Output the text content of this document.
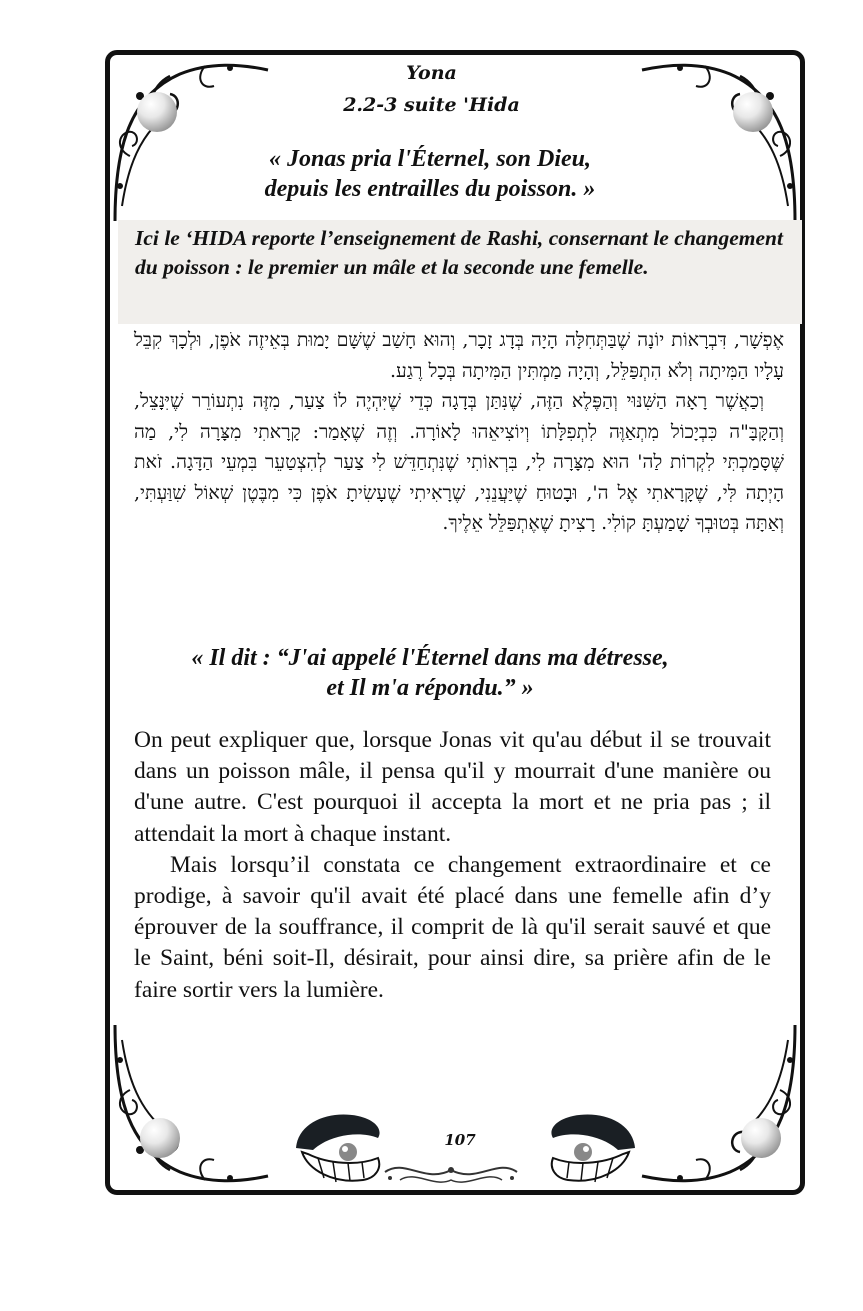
Yona
2.2-3 suite 'Hida
« Jonas pria l'Éternel, son Dieu,
depuis les entrailles du poisson. »
Ici le ‘HIDA reporte l’enseignement de Rashi, consernant le changement du poisson : le premier un mâle et la seconde une femelle.

אֶפְשָׁר, דִּבְרָאוֹת יוֹנָה שֶׁבַּתְּחִלָּה הָיָה בְּדָג זָכָר, וְהוּא חָשַׁב שֶׁשָּׁם יָמוּת בְּאֵיזֶה אֹפֶן, וּלְכָךְ קִבֵּל עָלָיו הַמִּיתָה וְלֹא הִתְפַּלֵּל, וְהָיָה מַמְתִּין הַמִּיתָה בְּכָל רֶגַע.

וְכַאֲשֶׁר רָאָה הַשִּׁנּוּי וְהַפֶּלֶא הַזֶּה, שֶׁנִּתַּן בְּדָגָה כְּדֵי שֶׁיִּהְיֶה לוֹ צַעַר, מִזֶּה נִתְעוֹרֵר שֶׁיִּנָּצֵל, וְהַקָּבָּ"ה כִּבְיָכוֹל מִתְאַוֶּה לִתְפִלָּתוֹ וְיוֹצִיאֵהוּ לָאוֹרָה. וְזֶה שֶׁאָמַר: קָרָאתִי מִצָּרָה לִי, מַה שֶּׁסָּמַכְתִּי לִקְרוֹת לַה' הוּא מִצָּרָה לִי, בִּרְאוֹתִי שֶׁנִּתְחַדֵּשׁ לִי צַעַר לְהִצְטַעֵר בִּמְעֵי הַדָּגָה. זֹאת הָיְתָה לִּי, שֶׁקָּרָאתִי אֶל ה', וּבָטוּחַ שֶׁיַּעֲנֵנִי, שֶׁרָאִיתִי שֶׁעָשִׂיתָ אֹפֶן כִּי מִבֶּטֶן שְׁאוֹל שִׁוַּעְתִּי, וְאַתָּה בְּטוּבְךָ שָׁמַעְתָּ קוֹלִי. רָצִיתָ שֶׁאֶתְפַּלֵּל אֵלֶיךָ.

« Il dit : “J'ai appelé l'Éternel dans ma détresse,
et Il m'a répondu.” »

On peut expliquer que, lorsque Jonas vit qu'au début il se trouvait dans un poisson mâle, il pensa qu'il y mourrait d'une manière ou d'une autre. C'est pourquoi il accepta la mort et ne pria pas ; il attendait la mort à chaque instant.

Mais lorsqu’il constata ce changement extraordinaire et ce prodige, à savoir qu'il avait été placé dans une femelle afin d’y éprouver de la souffrance, il comprit de là qu'il serait sauvé et que le Saint, béni soit-Il, désirait, pour ainsi dire, sa prière afin de le faire sortir vers la lumière.

107
